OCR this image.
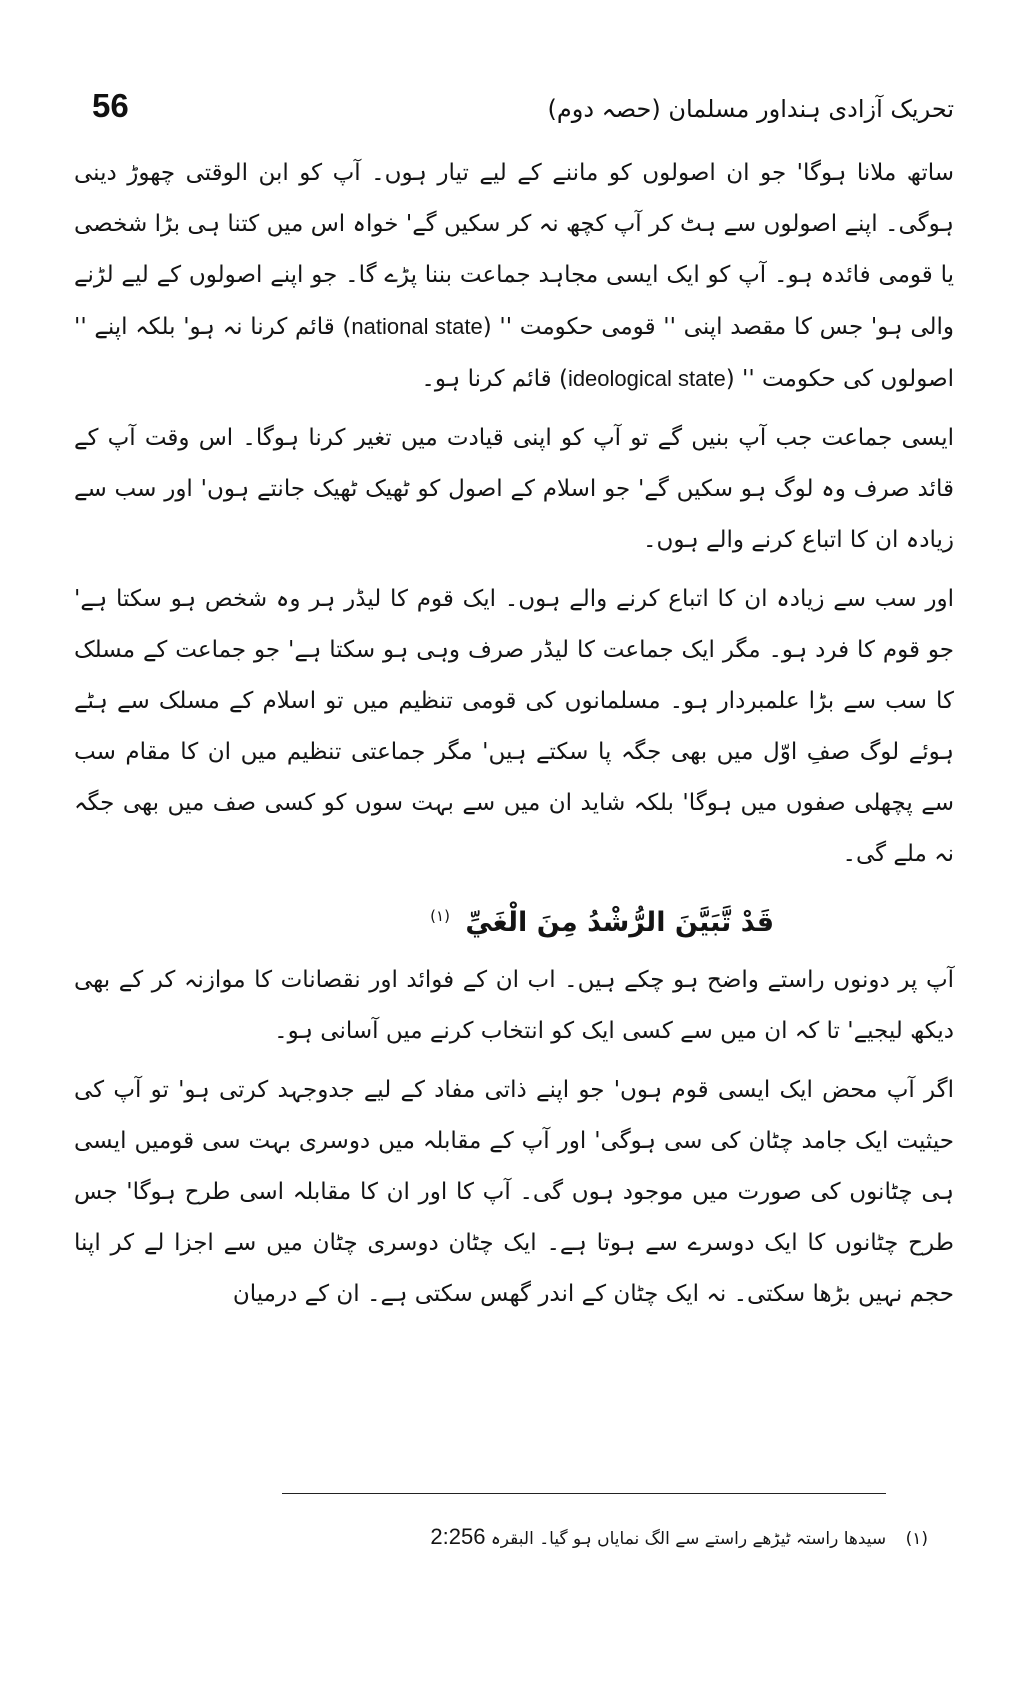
56	تحریک آزادی ہنداور مسلمان (حصہ دوم)

ساتھ ملانا ہوگا' جو ان اصولوں کو ماننے کے لیے تیار ہوں۔ آپ کو ابن الوقتی چھوڑ دینی ہوگی۔ اپنے اصولوں سے ہٹ کر آپ کچھ نہ کر سکیں گے' خواہ اس میں کتنا ہی بڑا شخصی یا قومی فائدہ ہو۔ آپ کو ایک ایسی مجاہد جماعت بننا پڑے گا۔ جو اپنے اصولوں کے لیے لڑنے والی ہو' جس کا مقصد اپنی '' قومی حکومت '' (national state) قائم کرنا نہ ہو' بلکہ اپنے '' اصولوں کی حکومت '' (ideological state) قائم کرنا ہو۔

ایسی جماعت جب آپ بنیں گے تو آپ کو اپنی قیادت میں تغیر کرنا ہوگا۔ اس وقت آپ کے قائد صرف وہ لوگ ہو سکیں گے' جو اسلام کے اصول کو ٹھیک ٹھیک جانتے ہوں' اور سب سے زیادہ ان کا اتباع کرنے والے ہوں۔

اور سب سے زیادہ ان کا اتباع کرنے والے ہوں۔ ایک قوم کا لیڈر ہر وہ شخص ہو سکتا ہے' جو قوم کا فرد ہو۔ مگر ایک جماعت کا لیڈر صرف وہی ہو سکتا ہے' جو جماعت کے مسلک کا سب سے بڑا علمبردار ہو۔ مسلمانوں کی قومی تنظیم میں تو اسلام کے مسلک سے ہٹے ہوئے لوگ صفِ اوّل میں بھی جگہ پا سکتے ہیں' مگر جماعتی تنظیم میں ان کا مقام سب سے پچھلی صفوں میں ہوگا' بلکہ شاید ان میں سے بہت سوں کو کسی صف میں بھی جگہ نہ ملے گی۔

قَدْ تَّبَيَّنَ الرُّشْدُ مِنَ الْغَيِّ $^{(۱)}$

آپ پر دونوں راستے واضح ہو چکے ہیں۔ اب ان کے فوائد اور نقصانات کا موازنہ کر کے بھی دیکھ لیجیے' تا کہ ان میں سے کسی ایک کو انتخاب کرنے میں آسانی ہو۔

اگر آپ محض ایک ایسی قوم ہوں' جو اپنے ذاتی مفاد کے لیے جدوجہد کرتی ہو' تو آپ کی حیثیت ایک جامد چٹان کی سی ہوگی' اور آپ کے مقابلہ میں دوسری بہت سی قومیں ایسی ہی چٹانوں کی صورت میں موجود ہوں گی۔ آپ کا اور ان کا مقابلہ اسی طرح ہوگا' جس طرح چٹانوں کا ایک دوسرے سے ہوتا ہے۔ ایک چٹان دوسری چٹان میں سے اجزا لے کر اپنا حجم نہیں بڑھا سکتی۔ نہ ایک چٹان کے اندر گھس سکتی ہے۔ ان کے درمیان

(۱) سیدھا راستہ ٹیڑھے راستے سے الگ نمایاں ہو گیا۔ البقرہ 2:256
